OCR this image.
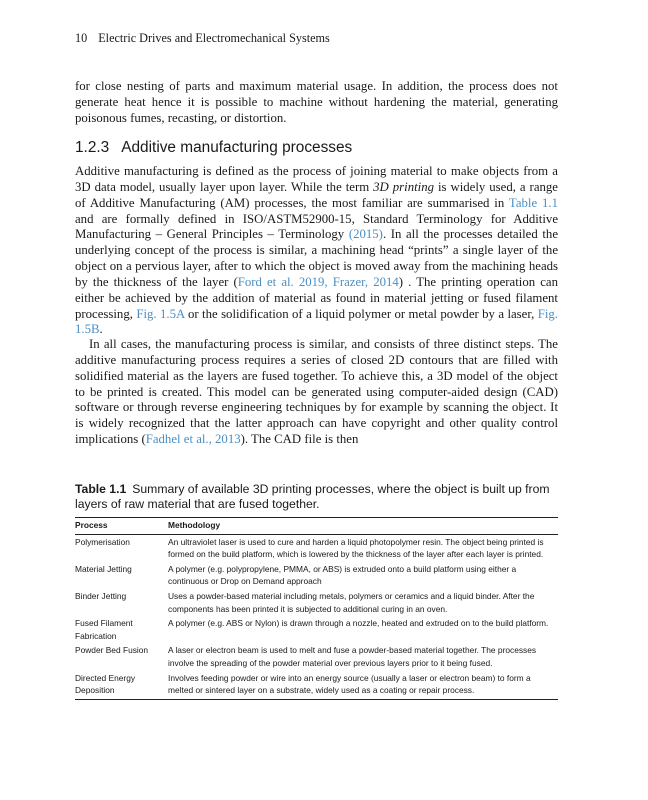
10 Electric Drives and Electromechanical Systems

for close nesting of parts and maximum material usage. In addition, the process does not generate heat hence it is possible to machine without hardening the material, generating poisonous fumes, recasting, or distortion.

1.2.3 Additive manufacturing processes

Additive manufacturing is defined as the process of joining material to make objects from a 3D data model, usually layer upon layer. While the term 3D printing is widely used, a range of Additive Manufacturing (AM) processes, the most familiar are summarised in Table 1.1 and are formally defined in ISO/ASTM52900-15, Standard Terminology for Additive Manufacturing – General Principles – Terminology (2015). In all the processes detailed the underlying concept of the process is similar, a machining head “prints” a single layer of the object on a pervious layer, after to which the object is moved away from the machining heads by the thickness of the layer (Ford et al. 2019, Frazer, 2014) . The printing operation can either be achieved by the addition of material as found in material jetting or fused filament processing, Fig. 1.5A or the solidification of a liquid polymer or metal powder by a laser, Fig. 1.5B.

In all cases, the manufacturing process is similar, and consists of three distinct steps. The additive manufacturing process requires a series of closed 2D contours that are filled with solidified material as the layers are fused together. To achieve this, a 3D model of the object to be printed is created. This model can be generated using computer-aided design (CAD) software or through reverse engineering techniques by for example by scanning the object. It is widely recognized that the latter approach can have copyright and other quality control implications (Fadhel et al., 2013). The CAD file is then

Table 1.1 Summary of available 3D printing processes, where the object is built up from layers of raw material that are fused together.

Process	Methodology
Polymerisation	An ultraviolet laser is used to cure and harden a liquid photopolymer resin. The object being printed is formed on the build platform, which is lowered by the thickness of the layer after each layer is printed.
Material Jetting	A polymer (e.g. polypropylene, PMMA, or ABS) is extruded onto a build platform using either a continuous or Drop on Demand approach
Binder Jetting	Uses a powder-based material including metals, polymers or ceramics and a liquid binder. After the components has been printed it is subjected to additional curing in an oven.
Fused Filament Fabrication	A polymer (e.g. ABS or Nylon) is drawn through a nozzle, heated and extruded on to the build platform.
Powder Bed Fusion	A laser or electron beam is used to melt and fuse a powder-based material together. The processes involve the spreading of the powder material over previous layers prior to it being fused.
Directed Energy Deposition	Involves feeding powder or wire into an energy source (usually a laser or electron beam) to form a melted or sintered layer on a substrate, widely used as a coating or repair process.
